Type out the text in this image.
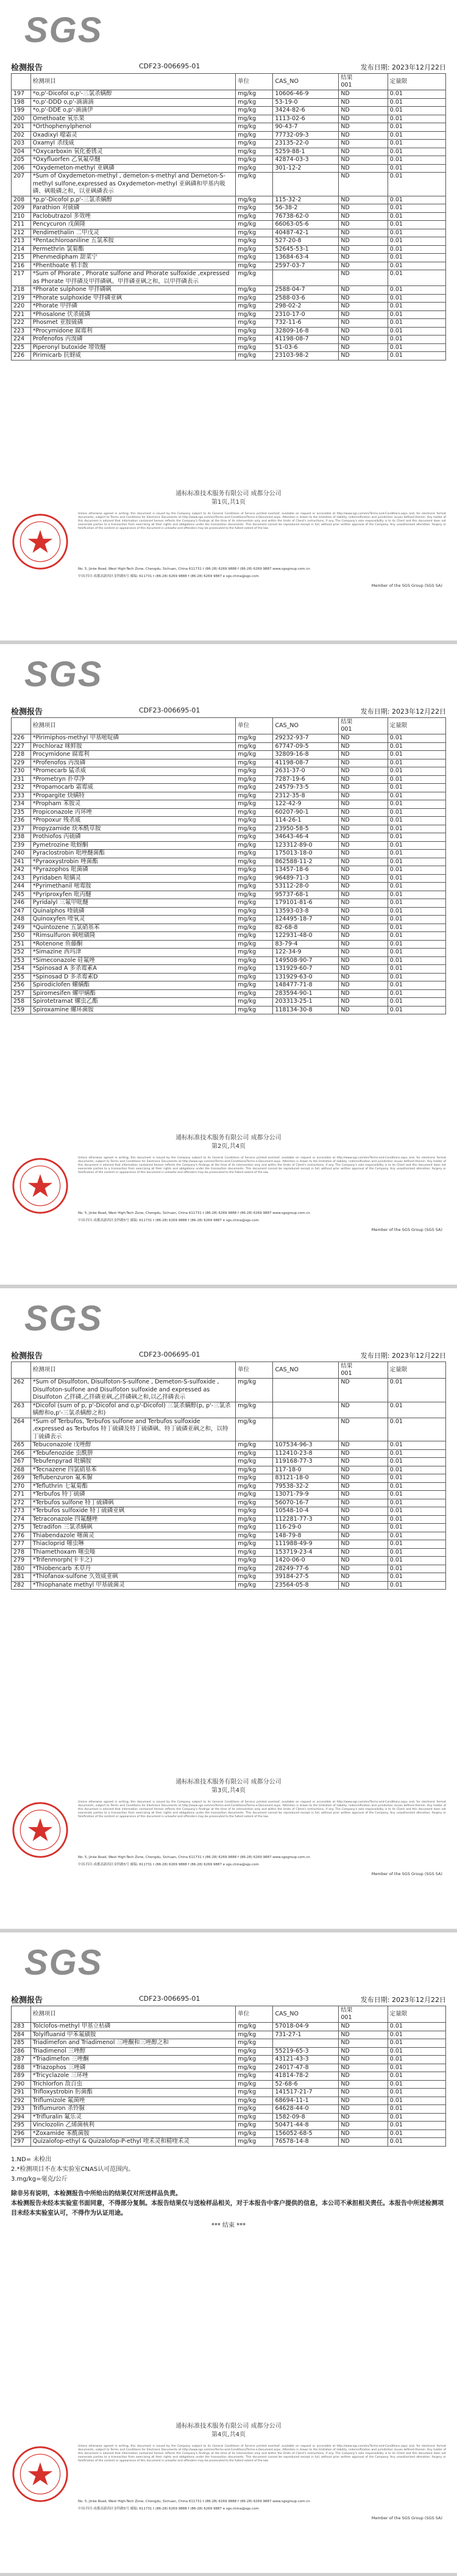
SGS
检测报告	CDF23-006695-01	发布日期: 2023年12月22日
	检测项目	单位	CAS_NO	结果
001	定量限
197	*o,p'-Dicofol o,p'-三氯杀螨醇	mg/kg	10606-46-9	ND	0.01
198	*o,p'-DDD o,p'-滴滴滴	mg/kg	53-19-0	ND	0.01
199	*o,p'-DDE o,p'-滴滴伊	mg/kg	3424-82-6	ND	0.01
200	Omethoate 氧乐果	mg/kg	1113-02-6	ND	0.01
201	*Orthophenylphenol	mg/kg	90-43-7	ND	0.01
202	Oxadixyl 噁霜灵	mg/kg	77732-09-3	ND	0.01
203	Oxamyl 杀线威	mg/kg	23135-22-0	ND	0.01
204	*Oxycarboxin 氧化萎锈灵	mg/kg	5259-88-1	ND	0.01
205	*Oxyfluorfen 乙氧氟草醚	mg/kg	42874-03-3	ND	0.01
206	*Oxydemeton-methyl 亚砜磷	mg/kg	301-12-2	ND	0.01
207	*Sum of Oxydemeton-methyl , demeton-s-methyl and Demeton-S-methyl sulfone,expressed as Oxydemeton-methyl 亚砜磷和甲基内吸磷、砜吸磷之和，以亚砜磷表示	mg/kg		ND	0.01
208	*p,p'-Dicofol p,p'-三氯杀螨醇	mg/kg	115-32-2	ND	0.01
209	Parathion 对硫磷	mg/kg	56-38-2	ND	0.01
210	Paclobutrazol 多效唑	mg/kg	76738-62-0	ND	0.01
211	Pencycuron 戊菌隆	mg/kg	66063-05-6	ND	0.01
212	Pendimethalin 二甲戊灵	mg/kg	40487-42-1	ND	0.01
213	*Pentachloroaniline 五氯苯胺	mg/kg	527-20-8	ND	0.01
214	Permethrin 氯菊酯	mg/kg	52645-53-1	ND	0.01
215	Phenmedipham 甜菜宁	mg/kg	13684-63-4	ND	0.01
216	*Phenthoate 稻丰散	mg/kg	2597-03-7	ND	0.01
217	*Sum of Phorate , Phorate sulfone and Phorate sulfoxide ,expressed as Phorate 甲拌磷及甲拌磷砜、甲拌磷亚砜之和，以甲拌磷表示	mg/kg		ND	0.01
218	*Phorate sulphone 甲拌磷砜	mg/kg	2588-04-7	ND	0.01
219	*Phorate sulphoxide 甲拌磷亚砜	mg/kg	2588-03-6	ND	0.01
220	*Phorate 甲拌磷	mg/kg	298-02-2	ND	0.01
221	*Phosalone 伏杀硫磷	mg/kg	2310-17-0	ND	0.01
222	Phosmet 亚胺硫磷	mg/kg	732-11-6	ND	0.01
223	*Procymidone 腐霉利	mg/kg	32809-16-8	ND	0.01
224	Profenofos 丙溴磷	mg/kg	41198-08-7	ND	0.01
225	Piperonyl butoxide 增效醚	mg/kg	51-03-6	ND	0.01
226	Pirimicarb 抗蚜威	mg/kg	23103-98-2	ND	0.01
通标标准技术服务有限公司 成都分公司
第1页,共1页
Unless otherwise agreed in writing, this document is issued by the Company subject to its General Conditions of Service printed overleaf, available on request or accessible at http://www.sgs.com/en/Terms-and-Conditions.aspx and, for electronic format documents, subject to Terms and Conditions for Electronic Documents at http://www.sgs.com/en/Terms-and-Conditions/Terms-e-Document.aspx. Attention is drawn to the limitation of liability, indemnification and jurisdiction issues defined therein. Any holder of this document is advised that information contained hereon reflects the Company's findings at the time of its intervention only and within the limits of Client's instructions, if any. The Company's sole responsibility is to its Client and this document does not exonerate parties to a transaction from exercising all their rights and obligations under the transaction documents. This document cannot be reproduced except in full, without prior written approval of the Company. Any unauthorized alteration, forgery or falsification of the content or appearance of this document is unlawful and offenders may be prosecuted to the fullest extent of the law.
No. 5, Jinke Road, West High-Tech Zone, Chengdu, Sichuan, China 611731 t (86-28) 6269 9888 f (86-28) 6269 9887 www.sgsgroup.com.cn
中国·四川·成都高新西区金科路5号 邮编: 611731 t (86-28) 6269 9888 f (86-28) 6269 9887 e sgs.china@sgs.com
Member of the SGS Group (SGS SA)
SGS
检测报告	CDF23-006695-01	发布日期: 2023年12月22日
	检测项目	单位	CAS_NO	结果
001	定量限
226	*Pirimiphos-methyl 甲基嘧啶磷	mg/kg	29232-93-7	ND	0.01
227	Prochloraz 咪鲜胺	mg/kg	67747-09-5	ND	0.01
228	Procymidone 腐霉利	mg/kg	32809-16-8	ND	0.01
229	*Profenofos 丙溴磷	mg/kg	41198-08-7	ND	0.01
230	*Promecarb 猛杀威	mg/kg	2631-37-0	ND	0.01
231	*Prometryn 扑草净	mg/kg	7287-19-6	ND	0.01
232	*Propamocarb 霜霉威	mg/kg	24579-73-5	ND	0.01
233	*Propargite 炔螨特	mg/kg	2312-35-8	ND	0.01
234	*Propham 苯胺灵	mg/kg	122-42-9	ND	0.01
235	Propiconazole 丙环唑	mg/kg	60207-90-1	ND	0.01
236	*Propoxur 残杀威	mg/kg	114-26-1	ND	0.01
237	Propyzamide 炔苯酰草胺	mg/kg	23950-58-5	ND	0.01
238	Prothiofos 丙硫磷	mg/kg	34643-46-4	ND	0.01
239	Pymetrozine 吡蚜酮	mg/kg	123312-89-0	ND	0.01
240	Pyraclostrobin 吡唑醚菌酯	mg/kg	175013-18-0	ND	0.01
241	*Pyraoxystrobin 唑菌酯	mg/kg	862588-11-2	ND	0.01
242	*Pyrazophos 吡菌磷	mg/kg	13457-18-6	ND	0.01
243	Pyridaben 哒螨灵	mg/kg	96489-71-3	ND	0.01
244	*Pyrimethanil 嘧霉胺	mg/kg	53112-28-0	ND	0.01
245	*Pyriproxyfen 吡丙醚	mg/kg	95737-68-1	ND	0.01
246	Pyridalyl 三氟甲吡醚	mg/kg	179101-81-6	ND	0.01
247	Quinalphos 喹硫磷	mg/kg	13593-03-8	ND	0.01
248	Quinoxyfen 喹氧灵	mg/kg	124495-18-7	ND	0.01
249	*Quintozene 五氯硝基苯	mg/kg	82-68-8	ND	0.01
250	*Rimsulfuron 砜嘧磺隆	mg/kg	122931-48-0	ND	0.01
251	*Rotenone 鱼藤酮	mg/kg	83-79-4	ND	0.01
252	*Simazine 西玛津	mg/kg	122-34-9	ND	0.01
253	*Simeconazole 硅氟唑	mg/kg	149508-90-7	ND	0.01
254	*Spinosad A 多杀霉素A	mg/kg	131929-60-7	ND	0.01
255	*Spinosad D 多杀霉素D	mg/kg	131929-63-0	ND	0.01
256	Spirodiclofen 螺螨酯	mg/kg	148477-71-8	ND	0.01
257	Spiromesifen 螺甲螨酯	mg/kg	283594-90-1	ND	0.01
258	Spirotetramat 螺虫乙酯	mg/kg	203313-25-1	ND	0.01
259	Spiroxamine 螺环菌胺	mg/kg	118134-30-8	ND	0.01
通标标准技术服务有限公司 成都分公司
第2页,共4页
Unless otherwise agreed in writing, this document is issued by the Company subject to its General Conditions of Service printed overleaf, available on request or accessible at http://www.sgs.com/en/Terms-and-Conditions.aspx and, for electronic format documents, subject to Terms and Conditions for Electronic Documents at http://www.sgs.com/en/Terms-and-Conditions/Terms-e-Document.aspx. Attention is drawn to the limitation of liability, indemnification and jurisdiction issues defined therein. Any holder of this document is advised that information contained hereon reflects the Company's findings at the time of its intervention only and within the limits of Client's instructions, if any. The Company's sole responsibility is to its Client and this document does not exonerate parties to a transaction from exercising all their rights and obligations under the transaction documents. This document cannot be reproduced except in full, without prior written approval of the Company. Any unauthorized alteration, forgery or falsification of the content or appearance of this document is unlawful and offenders may be prosecuted to the fullest extent of the law.
No. 5, Jinke Road, West High-Tech Zone, Chengdu, Sichuan, China 611731 t (86-28) 6269 9888 f (86-28) 6269 9887 www.sgsgroup.com.cn
中国·四川·成都高新西区金科路5号 邮编: 611731 t (86-28) 6269 9888 f (86-28) 6269 9887 e sgs.china@sgs.com
Member of the SGS Group (SGS SA)
SGS
检测报告	CDF23-006695-01	发布日期: 2023年12月22日
	检测项目	单位	CAS_NO	结果
001	定量限
262	*Sum of Disulfoton, Disulfoton-S-sulfone , Demeton-S-sulfoxide , Disulfoton-sulfone and Disulfoton sulfoxide and expressed as Disulfoton 乙拌磷,乙拌磷亚砜,乙拌磷砜之和,以乙拌磷表示	mg/kg		ND	0.01
263	*Dicofol (sum of p, p'-Dicofol and o,p'-Dicofol) 三氯杀螨醇(p, p'-三氯杀螨醇和o,p'-三氯杀螨醇之和)	mg/kg		ND	0.01
264	*Sum of Terbufos, Terbufos sulfone and Terbufos sulfoxide ,expressed as Terbufos 特丁硫磷及特丁硫磷砜、特丁硫磷亚砜之和，以特丁硫磷表示	mg/kg		ND	0.01
265	Tebuconazole 戊唑醇	mg/kg	107534-96-3	ND	0.01
266	*Tebufenozide 虫酰肼	mg/kg	112410-23-8	ND	0.01
267	Tebufenpyrad 吡螨胺	mg/kg	119168-77-3	ND	0.01
268	*Tecnazene 四氯硝基苯	mg/kg	117-18-0	ND	0.01
269	Teflubenzuron 氟苯脲	mg/kg	83121-18-0	ND	0.01
270	*Tefluthrin 七氟菊酯	mg/kg	79538-32-2	ND	0.01
271	*Terbufos 特丁硫磷	mg/kg	13071-79-9	ND	0.01
272	*Terbufos sulfone 特丁硫磷砜	mg/kg	56070-16-7	ND	0.01
273	*Terbufos sulfoxide 特丁硫磷亚砜	mg/kg	10548-10-4	ND	0.01
274	Tetraconazole 四氟醚唑	mg/kg	112281-77-3	ND	0.01
275	Tetradifon 三氯杀螨砜	mg/kg	116-29-0	ND	0.01
276	Thiabendazole 噻菌灵	mg/kg	148-79-8	ND	0.01
277	Thiacloprid 噻虫啉	mg/kg	111988-49-9	ND	0.01
278	Thiamethoxam 噻虫嗪	mg/kg	153719-23-4	ND	0.01
279	*Trifenmorph(卡卡之)	mg/kg	1420-06-0	ND	0.01
280	*Thiobencarb 禾草丹	mg/kg	28249-77-6	ND	0.01
281	*Thiofanox-sulfone 久效威亚砜	mg/kg	39184-27-5	ND	0.01
282	*Thiophanate methyl 甲基硫菌灵	mg/kg	23564-05-8	ND	0.01
通标标准技术服务有限公司 成都分公司
第3页,共4页
Unless otherwise agreed in writing, this document is issued by the Company subject to its General Conditions of Service printed overleaf, available on request or accessible at http://www.sgs.com/en/Terms-and-Conditions.aspx and, for electronic format documents, subject to Terms and Conditions for Electronic Documents at http://www.sgs.com/en/Terms-and-Conditions/Terms-e-Document.aspx. Attention is drawn to the limitation of liability, indemnification and jurisdiction issues defined therein. Any holder of this document is advised that information contained hereon reflects the Company's findings at the time of its intervention only and within the limits of Client's instructions, if any. The Company's sole responsibility is to its Client and this document does not exonerate parties to a transaction from exercising all their rights and obligations under the transaction documents. This document cannot be reproduced except in full, without prior written approval of the Company. Any unauthorized alteration, forgery or falsification of the content or appearance of this document is unlawful and offenders may be prosecuted to the fullest extent of the law.
No. 5, Jinke Road, West High-Tech Zone, Chengdu, Sichuan, China 611731 t (86-28) 6269 9888 f (86-28) 6269 9887 www.sgsgroup.com.cn
中国·四川·成都高新西区金科路5号 邮编: 611731 t (86-28) 6269 9888 f (86-28) 6269 9887 e sgs.china@sgs.com
Member of the SGS Group (SGS SA)
SGS
检测报告	CDF23-006695-01	发布日期: 2023年12月22日
	检测项目	单位	CAS_NO	结果
001	定量限
283	Tolclofos-methyl 甲基立枯磷	mg/kg	57018-04-9	ND	0.01
284	Tolylfluanid 甲苯氟磺胺	mg/kg	731-27-1	ND	0.01
285	Triadimefon and Triadimenol 三唑酮和三唑醇之和	mg/kg		ND	0.01
286	Triadimenol 三唑醇	mg/kg	55219-65-3	ND	0.01
287	*Triadimefon 三唑酮	mg/kg	43121-43-3	ND	0.01
288	*Triazophos 三唑磷	mg/kg	24017-47-8	ND	0.01
289	*Tricyclazole 三环唑	mg/kg	41814-78-2	ND	0.01
290	Trichlorfon 敌百虫	mg/kg	52-68-6	ND	0.01
291	Trifloxystrobin 肟菌酯	mg/kg	141517-21-7	ND	0.01
292	Triflumizole 氟菌唑	mg/kg	68694-11-1	ND	0.01
293	Triflumuron 杀铃脲	mg/kg	64628-44-0	ND	0.01
294	*Trifluralin 氟乐灵	mg/kg	1582-09-8	ND	0.01
295	Vinclozolin 乙烯菌核利	mg/kg	50471-44-8	ND	0.01
296	*Zoxamide 苯酰菌胺	mg/kg	156052-68-5	ND	0.01
297	Quizalofop-ethyl & Quizalofop-P-ethyl 喹禾灵和精喹禾灵	mg/kg	76578-14-8	ND	0.01
通标标准技术服务有限公司 成都分公司
第4页,共4页
Unless otherwise agreed in writing, this document is issued by the Company subject to its General Conditions of Service printed overleaf, available on request or accessible at http://www.sgs.com/en/Terms-and-Conditions.aspx and, for electronic format documents, subject to Terms and Conditions for Electronic Documents at http://www.sgs.com/en/Terms-and-Conditions/Terms-e-Document.aspx. Attention is drawn to the limitation of liability, indemnification and jurisdiction issues defined therein. Any holder of this document is advised that information contained hereon reflects the Company's findings at the time of its intervention only and within the limits of Client's instructions, if any. The Company's sole responsibility is to its Client and this document does not exonerate parties to a transaction from exercising all their rights and obligations under the transaction documents. This document cannot be reproduced except in full, without prior written approval of the Company. Any unauthorized alteration, forgery or falsification of the content or appearance of this document is unlawful and offenders may be prosecuted to the fullest extent of the law.
No. 5, Jinke Road, West High-Tech Zone, Chengdu, Sichuan, China 611731 t (86-28) 6269 9888 f (86-28) 6269 9887 www.sgsgroup.com.cn
中国·四川·成都高新西区金科路5号 邮编: 611731 t (86-28) 6269 9888 f (86-28) 6269 9887 e sgs.china@sgs.com
Member of the SGS Group (SGS SA)
1.ND= 未检出
2.*检测项目不在本实验室CNAS认可范围内。
3.mg/kg=毫克/公斤
除非另有说明，本检测报告中所给出的结果仅对所送样品负责。
本检测报告未经本实验室书面同意，不得部分复制。本报告结果仅与送检样品相关，对于本报告中客户提供的信息，本公司不承担相关责任。本报告中所述检测项目未经本实验室认可，不得作为认证用途。
*** 结束 ***
